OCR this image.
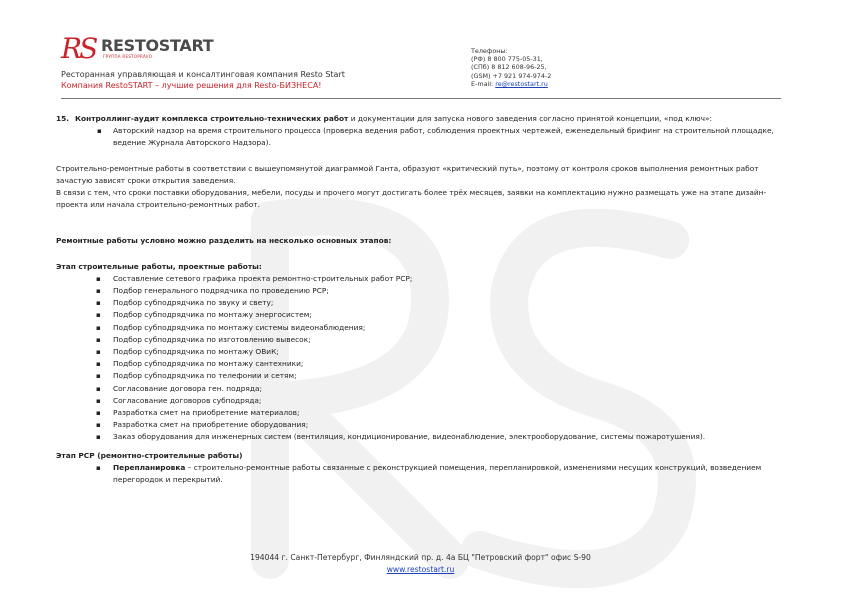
RS RESTOSTART
ГРУППА RESTOPRAVO
Ресторанная управляющая и консалтинговая компания Resto Start
Компания RestoSTART – лучшие решения для Resto-БИЗНЕСА!
Телефоны:
(РФ) 8 800 775-05-31,
(СПб) 8 812 608-96-25,
(GSM) +7 921 974-974-2
E-mail: re@restostart.ru
15. Контроллинг-аудит комплекса строительно-технических работ и документации для запуска нового заведения согласно принятой концепции, «под ключ»:
▪ Авторский надзор на время строительного процесса (проверка ведения работ, соблюдения проектных чертежей, еженедельный брифинг на строительной площадке, ведение Журнала Авторского Надзора).

Строительно-ремонтные работы в соответствии с вышеупомянутой диаграммой Ганта, образуют «критический путь», поэтому от контроля сроков выполнения ремонтных работ зачастую зависят сроки открытия заведения.

В связи с тем, что сроки поставки оборудования, мебели, посуды и прочего могут достигать более трёх месяцев, заявки на комплектацию нужно размещать уже на этапе дизайн-проекта или начала строительно-ремонтных работ.

Ремонтные работы условно можно разделить на несколько основных этапов:

Этап строительные работы, проектные работы:

▪ Составление сетевого графика проекта ремонтно-строительных работ РСР;
▪ Подбор генерального подрядчика по проведению РСР;
▪ Подбор субподрядчика по звуку и свету;
▪ Подбор субподрядчика по монтажу энергосистем;
▪ Подбор субподрядчика по монтажу системы видеонаблюдения;
▪ Подбор субподрядчика по изготовлению вывесок;
▪ Подбор субподрядчика по монтажу ОВиК;
▪ Подбор субподрядчика по монтажу сантехники;
▪ Подбор субподрядчика по телефонии и сетям;
▪ Согласование договора ген. подряда;
▪ Согласование договоров субподряда;
▪ Разработка смет на приобретение материалов;
▪ Разработка смет на приобретение оборудования;
▪ Заказ оборудования для инженерных систем (вентиляция, кондиционирование, видеонаблюдение, электрооборудование, системы пожаротушения).

Этап РСР (ремонтно-строительные работы)

▪ Перепланировка – строительно-ремонтные работы связанные с реконструкцией помещения, перепланировкой, изменениями несущих конструкций, возведением перегородок и перекрытий.
194044 г. Санкт-Петербург, Финляндский пр. д. 4а БЦ "Петровский форт" офис S-90
www.restostart.ru
